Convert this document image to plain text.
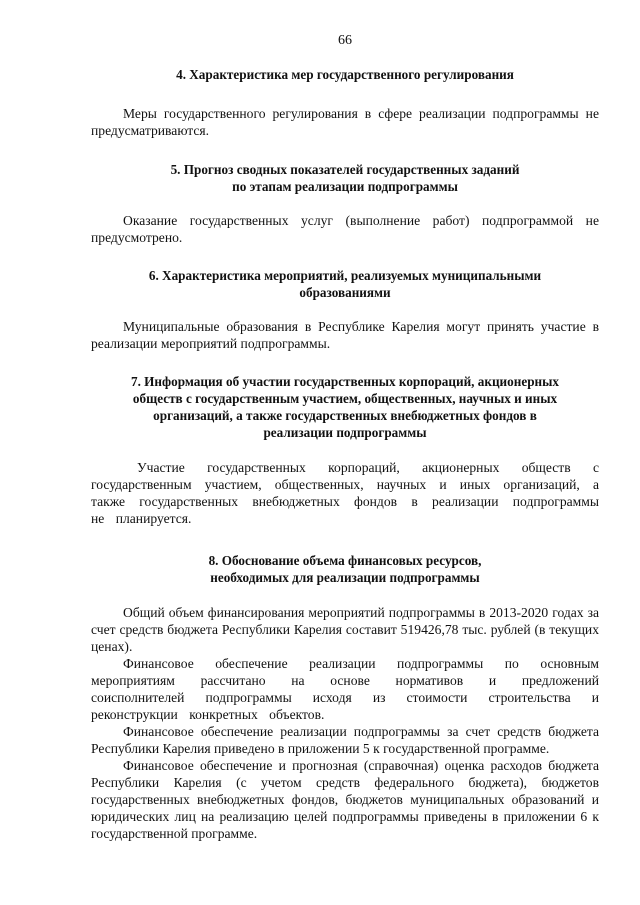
66
4. Характеристика мер государственного регулирования

Меры государственного регулирования в сфере реализации подпрограммы не предусматриваются.

5. Прогноз сводных показателей государственных заданий
по этапам реализации подпрограммы

Оказание государственных услуг (выполнение работ) подпрограммой не предусмотрено.

6. Характеристика мероприятий, реализуемых муниципальными
образованиями

Муниципальные образования в Республике Карелия могут принять участие в реализации мероприятий подпрограммы.

7. Информация об участии государственных корпораций, акционерных
обществ с государственным участием, общественных, научных и иных
организаций, а также государственных внебюджетных фондов в
реализации подпрограммы

Участие государственных корпораций, акционерных обществ с государственным участием, общественных, научных и иных организаций, а также государственных внебюджетных фондов в реализации подпрограммы не планируется.

8. Обоснование объема финансовых ресурсов,
необходимых для реализации подпрограммы

Общий объем финансирования мероприятий подпрограммы в 2013-2020 годах за счет средств бюджета Республики Карелия составит 519426,78 тыс. рублей (в текущих ценах).

Финансовое обеспечение реализации подпрограммы по основным мероприятиям рассчитано на основе нормативов и предложений соисполнителей подпрограммы исходя из стоимости строительства и реконструкции конкретных объектов.

Финансовое обеспечение реализации подпрограммы за счет средств бюджета Республики Карелия приведено в приложении 5 к государственной программе.

Финансовое обеспечение и прогнозная (справочная) оценка расходов бюджета Республики Карелия (с учетом средств федерального бюджета), бюджетов государственных внебюджетных фондов, бюджетов муниципальных образований и юридических лиц на реализацию целей подпрограммы приведены в приложении 6 к государственной программе.
